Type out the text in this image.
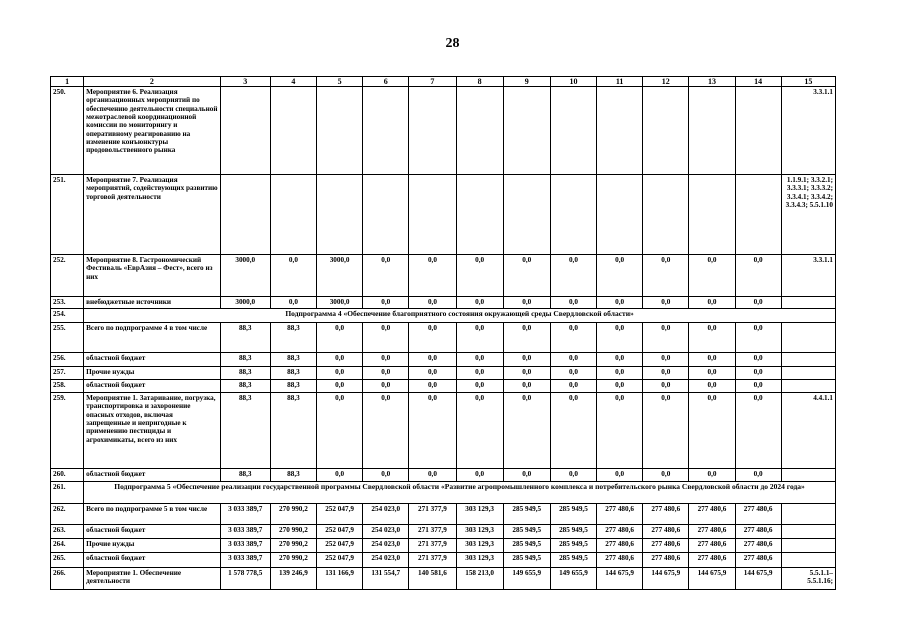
28
1	2	3	4	5	6	7	8	9	10	11	12	13	14	15
250.	Мероприятие 6. Реализация организационных мероприятий по обеспечению деятельности специальной межотраслевой координационной комиссии по мониторингу и оперативному реагированию на изменение конъюнктуры продовольственного рынка													3.3.1.1
251.	Мероприятие 7. Реализация мероприятий, содействующих развитию торговой деятельности													1.1.9.1; 3.3.2.1; 3.3.3.1; 3.3.3.2; 3.3.4.1; 3.3.4.2; 3.3.4.3; 5.5.1.10
252.	Мероприятие 8. Гастрономический Фестиваль «ЕврАзия – Фест», всего из них	3000,0	0,0	3000,0	0,0	0,0	0,0	0,0	0,0	0,0	0,0	0,0	0,0	3.3.1.1
253.	внебюджетные источники	3000,0	0,0	3000,0	0,0	0,0	0,0	0,0	0,0	0,0	0,0	0,0	0,0	
254.	Подпрограмма 4 «Обеспечение благоприятного состояния окружающей среды Свердловской области»													
255.	Всего по подпрограмме 4 в том числе	88,3	88,3	0,0	0,0	0,0	0,0	0,0	0,0	0,0	0,0	0,0	0,0	
256.	областной бюджет	88,3	88,3	0,0	0,0	0,0	0,0	0,0	0,0	0,0	0,0	0,0	0,0	
257.	Прочие нужды	88,3	88,3	0,0	0,0	0,0	0,0	0,0	0,0	0,0	0,0	0,0	0,0	
258.	областной бюджет	88,3	88,3	0,0	0,0	0,0	0,0	0,0	0,0	0,0	0,0	0,0	0,0	
259.	Мероприятие 1. Затаривание, погрузка, транспортировка и захоронение опасных отходов, включая запрещенные и непригодные к применению пестициды и агрохимикаты, всего из них	88,3	88,3	0,0	0,0	0,0	0,0	0,0	0,0	0,0	0,0	0,0	0,0	4.4.1.1
260.	областной бюджет	88,3	88,3	0,0	0,0	0,0	0,0	0,0	0,0	0,0	0,0	0,0	0,0	
261.	Подпрограмма 5 «Обеспечение реализации государственной программы Свердловской области «Развитие агропромышленного комплекса и потребительского рынка Свердловской области до 2024 года»													
262.	Всего по подпрограмме 5 в том числе	3 033 389,7	270 990,2	252 047,9	254 023,0	271 377,9	303 129,3	285 949,5	285 949,5	277 480,6	277 480,6	277 480,6	277 480,6	
263.	областной бюджет	3 033 389,7	270 990,2	252 047,9	254 023,0	271 377,9	303 129,3	285 949,5	285 949,5	277 480,6	277 480,6	277 480,6	277 480,6	
264.	Прочие нужды	3 033 389,7	270 990,2	252 047,9	254 023,0	271 377,9	303 129,3	285 949,5	285 949,5	277 480,6	277 480,6	277 480,6	277 480,6	
265.	областной бюджет	3 033 389,7	270 990,2	252 047,9	254 023,0	271 377,9	303 129,3	285 949,5	285 949,5	277 480,6	277 480,6	277 480,6	277 480,6	
266.	Мероприятие 1. Обеспечение деятельности	1 578 778,5	139 246,9	131 166,9	131 554,7	140 581,6	158 213,0	149 655,9	149 655,9	144 675,9	144 675,9	144 675,9	144 675,9	5.5.1.1– 5.5.1.16;
